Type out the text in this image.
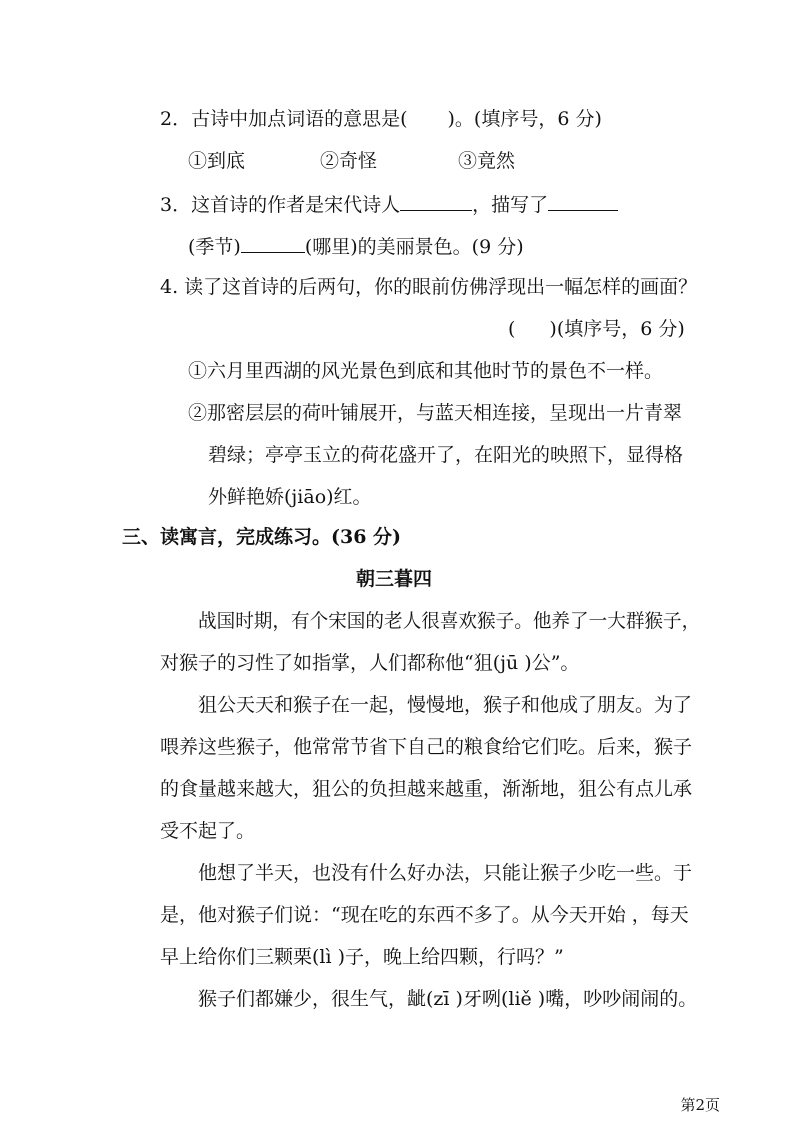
2．古诗中加点词语的意思是( )。(填序号，6 分)
①到底	②奇怪	③竟然
3．这首诗的作者是宋代诗人	，描写了
(季节)	(哪里)的美丽景色。(9 分)
4. 读了这首诗的后两句，你的眼前仿佛浮现出一幅怎样的画面？
( )(填序号，6 分)
①六月里西湖的风光景色到底和其他时节的景色不一样。
②那密层层的荷叶铺展开，与蓝天相连接，呈现出一片青翠
碧绿；亭亭玉立的荷花盛开了，在阳光的映照下，显得格
外鲜艳娇(jiāo)红。
三、读寓言，完成练习。(36 分)
朝三暮四
战国时期，有个宋国的老人很喜欢猴子。他养了一大群猴子，
对猴子的习性了如指掌，人们都称他“狙(jū )公”。
狙公天天和猴子在一起，慢慢地，猴子和他成了朋友。为了
喂养这些猴子，他常常节省下自己的粮食给它们吃。后来，猴子
的食量越来越大，狙公的负担越来越重，渐渐地，狙公有点儿承
受不起了。
他想了半天，也没有什么好办法，只能让猴子少吃一些。于
是，他对猴子们说：“现在吃的东西不多了。从今天开始 ，每天
早上给你们三颗栗(lì )子，晚上给四颗，行吗？”
猴子们都嫌少，很生气，龇(zī )牙咧(liě )嘴，吵吵闹闹的。
第2页
